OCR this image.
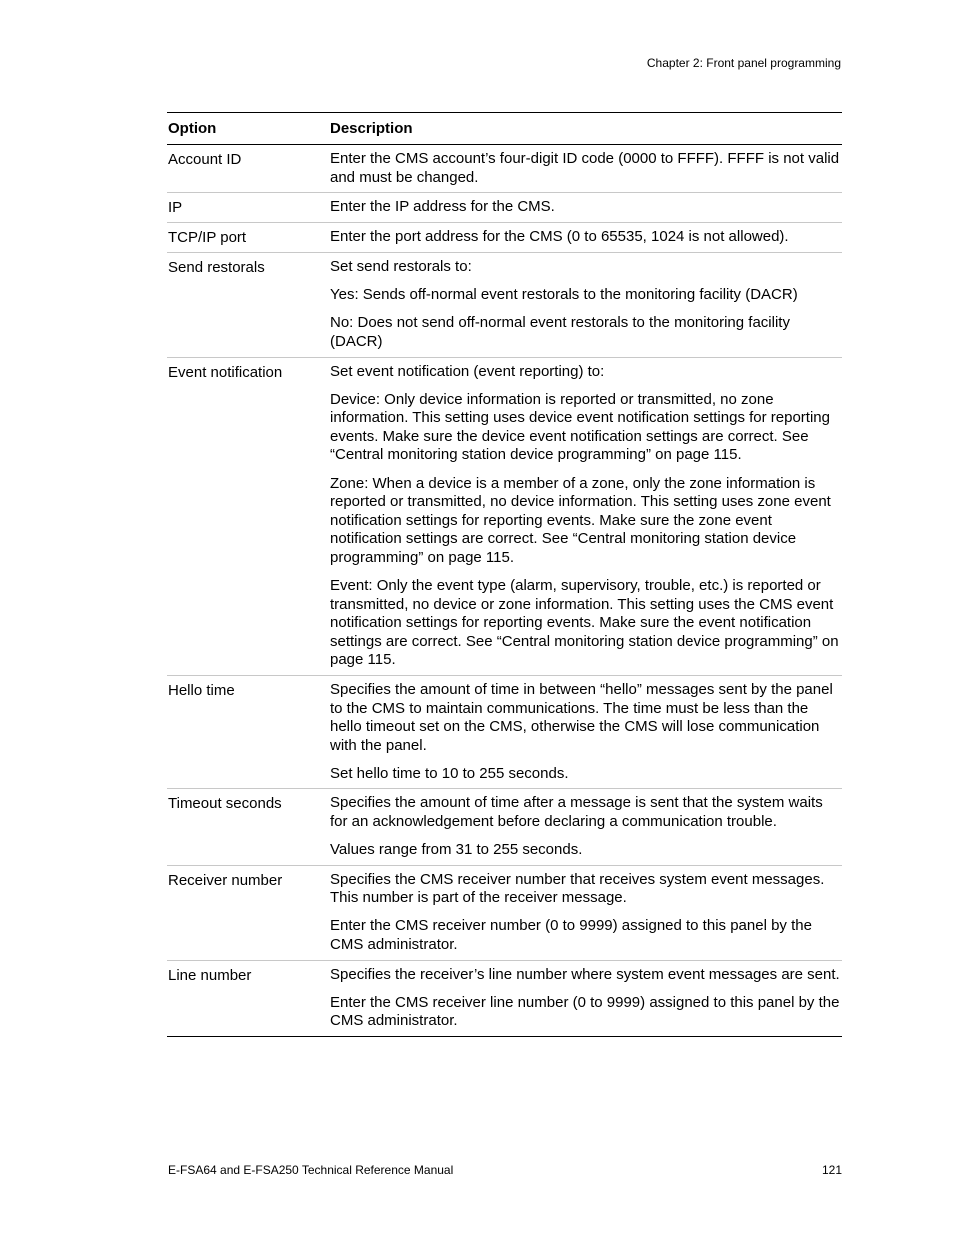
Chapter 2: Front panel programming
Option	Description
Account ID	Enter the CMS account’s four-digit ID code (0000 to FFFF). FFFF is not valid and must be changed.

IP	Enter the IP address for the CMS.

TCP/IP port	Enter the port address for the CMS (0 to 65535, 1024 is not allowed).

Send restorals	Set send restorals to:

Yes: Sends off-normal event restorals to the monitoring facility (DACR)

No: Does not send off-normal event restorals to the monitoring facility (DACR)

Event notification	Set event notification (event reporting) to:

Device: Only device information is reported or transmitted, no zone information. This setting uses device event notification settings for reporting events. Make sure the device event notification settings are correct. See “Central monitoring station device programming” on page 115.

Zone: When a device is a member of a zone, only the zone information is reported or transmitted, no device information. This setting uses zone event notification settings for reporting events. Make sure the zone event notification settings are correct. See “Central monitoring station device programming” on page 115.

Event: Only the event type (alarm, supervisory, trouble, etc.) is reported or transmitted, no device or zone information. This setting uses the CMS event notification settings for reporting events. Make sure the event notification settings are correct. See “Central monitoring station device programming” on page 115.

Hello time	Specifies the amount of time in between “hello” messages sent by the panel to the CMS to maintain communications. The time must be less than the hello timeout set on the CMS, otherwise the CMS will lose communication with the panel.

Set hello time to 10 to 255 seconds.

Timeout seconds	Specifies the amount of time after a message is sent that the system waits for an acknowledgement before declaring a communication trouble.

Values range from 31 to 255 seconds.

Receiver number	Specifies the CMS receiver number that receives system event messages. This number is part of the receiver message.

Enter the CMS receiver number (0 to 9999) assigned to this panel by the CMS administrator.

Line number	Specifies the receiver’s line number where system event messages are sent.

Enter the CMS receiver line number (0 to 9999) assigned to this panel by the CMS administrator.

E-FSA64 and E-FSA250 Technical Reference Manual	121
